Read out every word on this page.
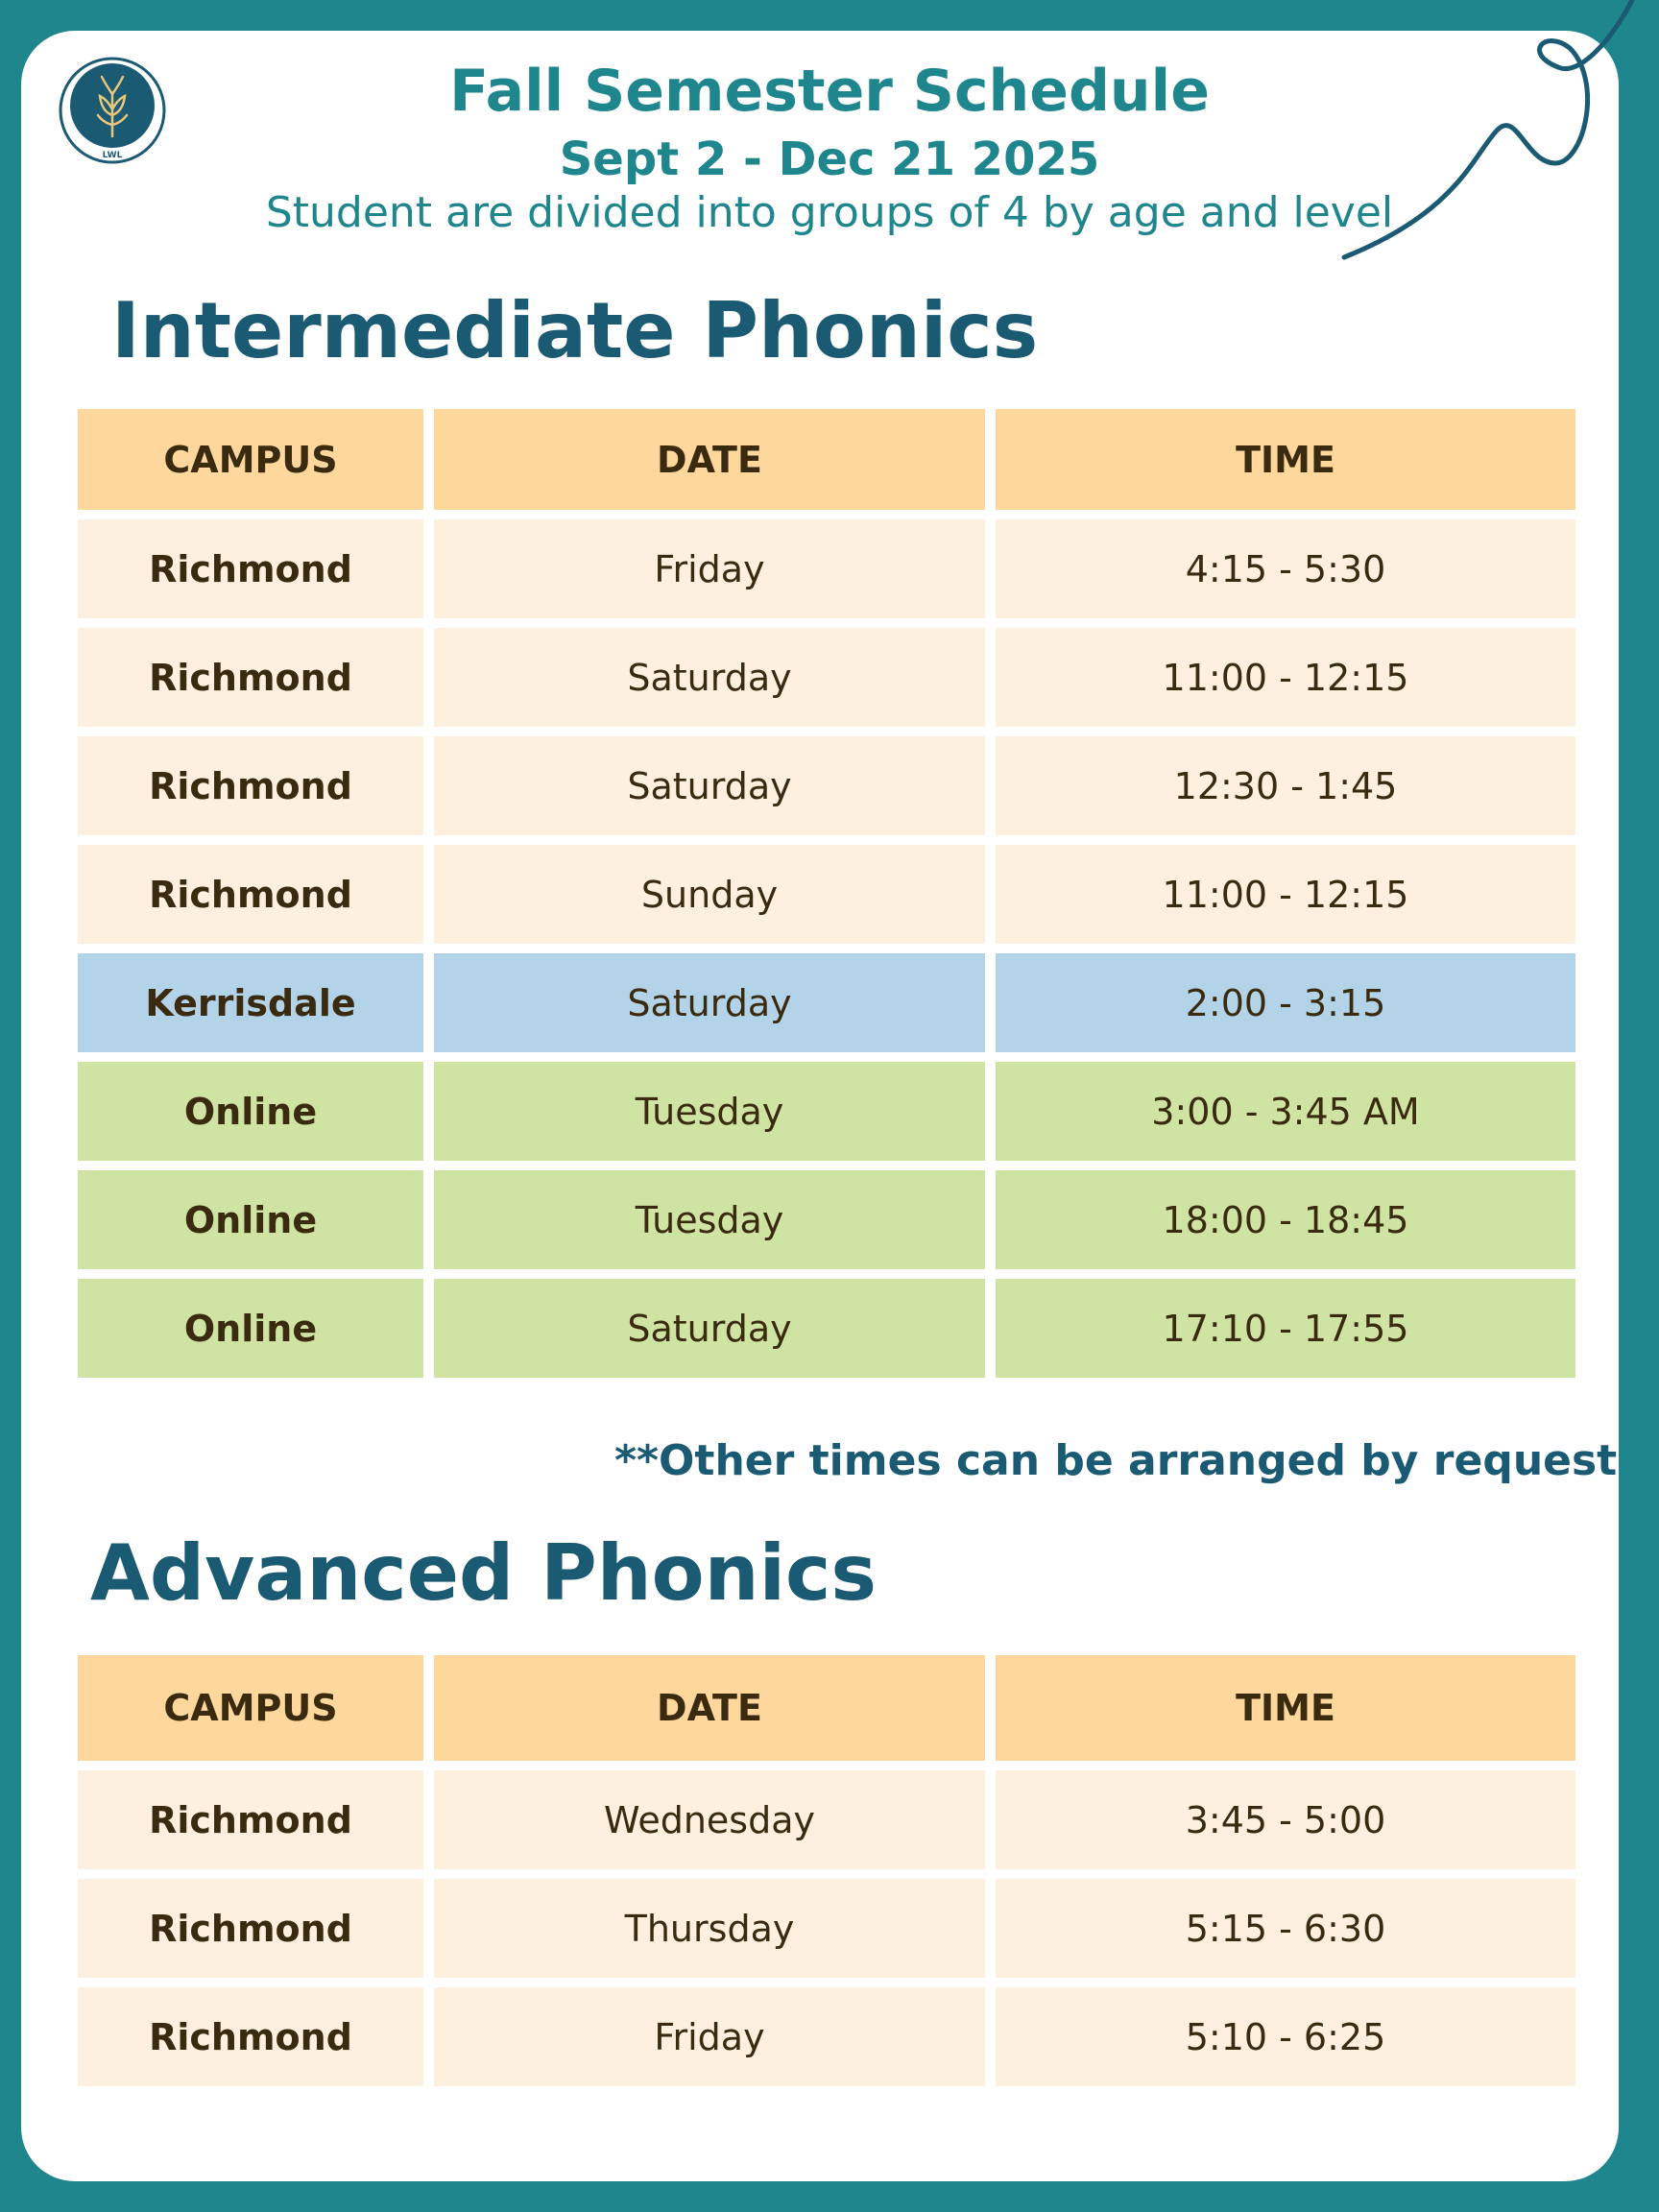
LWL
Fall Semester Schedule
Sept 2 - Dec 21 2025
Student are divided into groups of 4 by age and level
Intermediate Phonics
CAMPUS	DATE	TIME
Richmond	Friday	4:15 - 5:30
Richmond	Saturday	11:00 - 12:15
Richmond	Saturday	12:30 - 1:45
Richmond	Sunday	11:00 - 12:15
Kerrisdale	Saturday	2:00 - 3:15
Online	Tuesday	3:00 - 3:45 AM
Online	Tuesday	18:00 - 18:45
Online	Saturday	17:10 - 17:55
**Other times can be arranged by request
Advanced Phonics
CAMPUS	DATE	TIME
Richmond	Wednesday	3:45 - 5:00
Richmond	Thursday	5:15 - 6:30
Richmond	Friday	5:10 - 6:25
